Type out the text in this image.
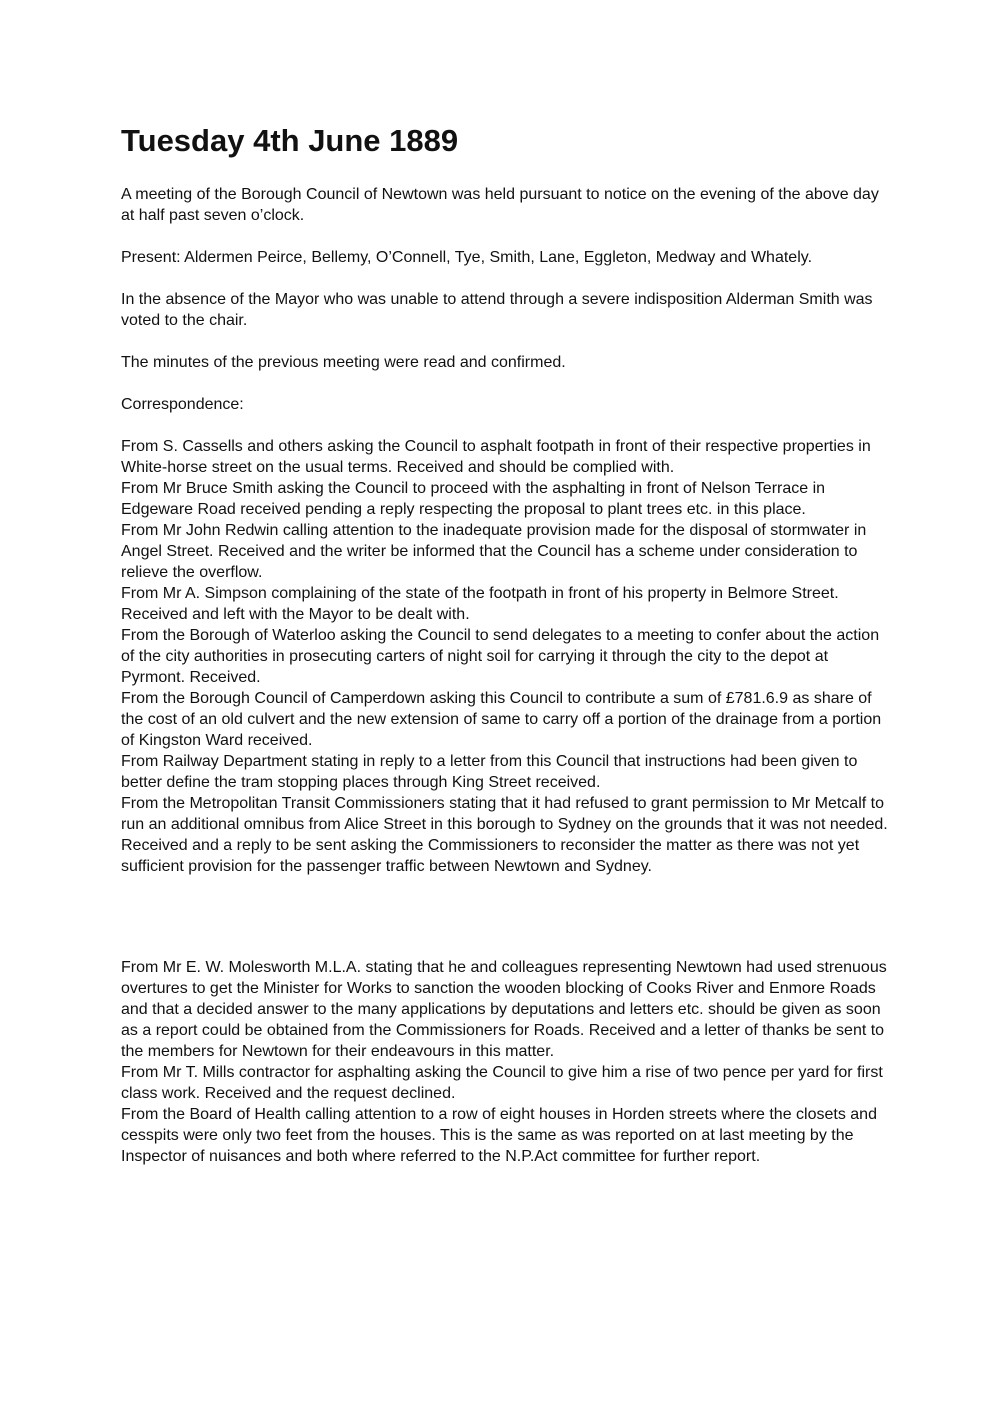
Tuesday 4th June 1889

A meeting of the Borough Council of Newtown was held pursuant to notice on the evening of the above day at half past seven o’clock.

Present: Aldermen Peirce, Bellemy, O’Connell, Tye, Smith, Lane, Eggleton, Medway and Whately.

In the absence of the Mayor who was unable to attend through a severe indisposition Alderman Smith was voted to the chair.

The minutes of the previous meeting were read and confirmed.

Correspondence:

From S. Cassells and others asking the Council to asphalt footpath in front of their respective properties in White-horse street on the usual terms. Received and should be complied with.

From Mr Bruce Smith asking the Council to proceed with the asphalting in front of Nelson Terrace in Edgeware Road received pending a reply respecting the proposal to plant trees etc. in this place.

From Mr John Redwin calling attention to the inadequate provision made for the disposal of stormwater in Angel Street. Received and the writer be informed that the Council has a scheme under consideration to relieve the overflow.

From Mr A. Simpson complaining of the state of the footpath in front of his property in Belmore Street. Received and left with the Mayor to be dealt with.

From the Borough of Waterloo asking the Council to send delegates to a meeting to confer about the action of the city authorities in prosecuting carters of night soil for carrying it through the city to the depot at Pyrmont. Received.

From the Borough Council of Camperdown asking this Council to contribute a sum of £781.6.9 as share of the cost of an old culvert and the new extension of same to carry off a portion of the drainage from a portion of Kingston Ward received.

From Railway Department stating in reply to a letter from this Council that instructions had been given to better define the tram stopping places through King Street received.

From the Metropolitan Transit Commissioners stating that it had refused to grant permission to Mr Metcalf to run an additional omnibus from Alice Street in this borough to Sydney on the grounds that it was not needed. Received and a reply to be sent asking the Commissioners to reconsider the matter as there was not yet sufficient provision for the passenger traffic between Newtown and Sydney.

From Mr E. W. Molesworth M.L.A. stating that he and colleagues representing Newtown had used strenuous overtures to get the Minister for Works to sanction the wooden blocking of Cooks River and Enmore Roads and that a decided answer to the many applications by deputations and letters etc. should be given as soon as a report could be obtained from the Commissioners for Roads. Received and a letter of thanks be sent to the members for Newtown for their endeavours in this matter.

From Mr T. Mills contractor for asphalting asking the Council to give him a rise of two pence per yard for first class work. Received and the request declined.

From the Board of Health calling attention to a row of eight houses in Horden streets where the closets and cesspits were only two feet from the houses. This is the same as was reported on at last meeting by the Inspector of nuisances and both where referred to the N.P.Act committee for further report.
